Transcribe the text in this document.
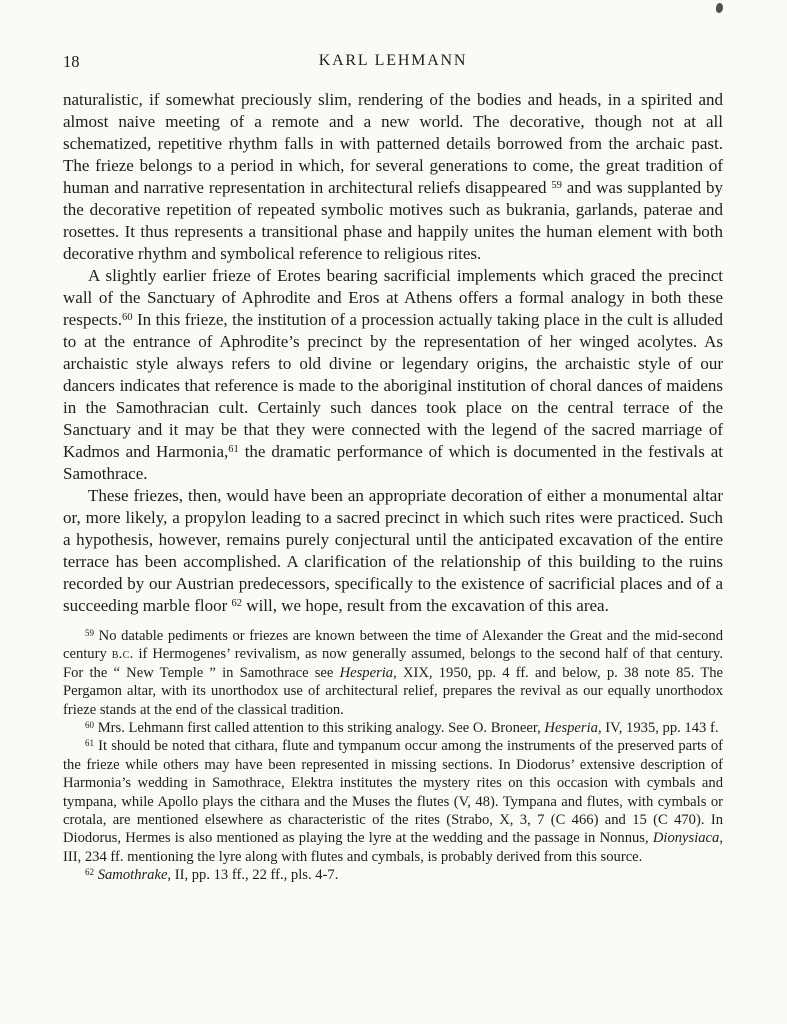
18	KARL LEHMANN

naturalistic, if somewhat preciously slim, rendering of the bodies and heads, in a spirited and almost naive meeting of a remote and a new world. The decorative, though not at all schematized, repetitive rhythm falls in with patterned details borrowed from the archaic past. The frieze belongs to a period in which, for several generations to come, the great tradition of human and narrative representation in architectural reliefs disappeared $^{59}$ and was supplanted by the decorative repetition of repeated symbolic motives such as bukrania, garlands, paterae and rosettes. It thus represents a transitional phase and happily unites the human element with both decorative rhythm and symbolical reference to religious rites.

A slightly earlier frieze of Erotes bearing sacrificial implements which graced the precinct wall of the Sanctuary of Aphrodite and Eros at Athens offers a formal analogy in both these respects.$^{60}$ In this frieze, the institution of a procession actually taking place in the cult is alluded to at the entrance of Aphrodite’s precinct by the representation of her winged acolytes. As archaistic style always refers to old divine or legendary origins, the archaistic style of our dancers indicates that reference is made to the aboriginal institution of choral dances of maidens in the Samothracian cult. Certainly such dances took place on the central terrace of the Sanctuary and it may be that they were connected with the legend of the sacred marriage of Kadmos and Harmonia,$^{61}$ the dramatic performance of which is documented in the festivals at Samothrace.

These friezes, then, would have been an appropriate decoration of either a monumental altar or, more likely, a propylon leading to a sacred precinct in which such rites were practiced. Such a hypothesis, however, remains purely conjectural until the anticipated excavation of the entire terrace has been accomplished. A clarification of the relationship of this building to the ruins recorded by our Austrian predecessors, specifically to the existence of sacrificial places and of a succeeding marble floor $^{62}$ will, we hope, result from the excavation of this area.

$^{59}$ No datable pediments or friezes are known between the time of Alexander the Great and the mid-second century b.c. if Hermogenes’ revivalism, as now generally assumed, belongs to the second half of that century. For the “ New Temple ” in Samothrace see Hesperia, XIX, 1950, pp. 4 ff. and below, p. 38 note 85. The Pergamon altar, with its unorthodox use of architectural relief, prepares the revival as our equally unorthodox frieze stands at the end of the classical tradition.

$^{60}$ Mrs. Lehmann first called attention to this striking analogy. See O. Broneer, Hesperia, IV, 1935, pp. 143 f.

$^{61}$ It should be noted that cithara, flute and tympanum occur among the instruments of the preserved parts of the frieze while others may have been represented in missing sections. In Diodorus’ extensive description of Harmonia’s wedding in Samothrace, Elektra institutes the mystery rites on this occasion with cymbals and tympana, while Apollo plays the cithara and the Muses the flutes (V, 48). Tympana and flutes, with cymbals or crotala, are mentioned elsewhere as characteristic of the rites (Strabo, X, 3, 7 (C 466) and 15 (C 470). In Diodorus, Hermes is also mentioned as playing the lyre at the wedding and the passage in Nonnus, Dionysiaca, III, 234 ff. mentioning the lyre along with flutes and cymbals, is probably derived from this source.

$^{62}$ Samothrake, II, pp. 13 ff., 22 ff., pls. 4-7.
